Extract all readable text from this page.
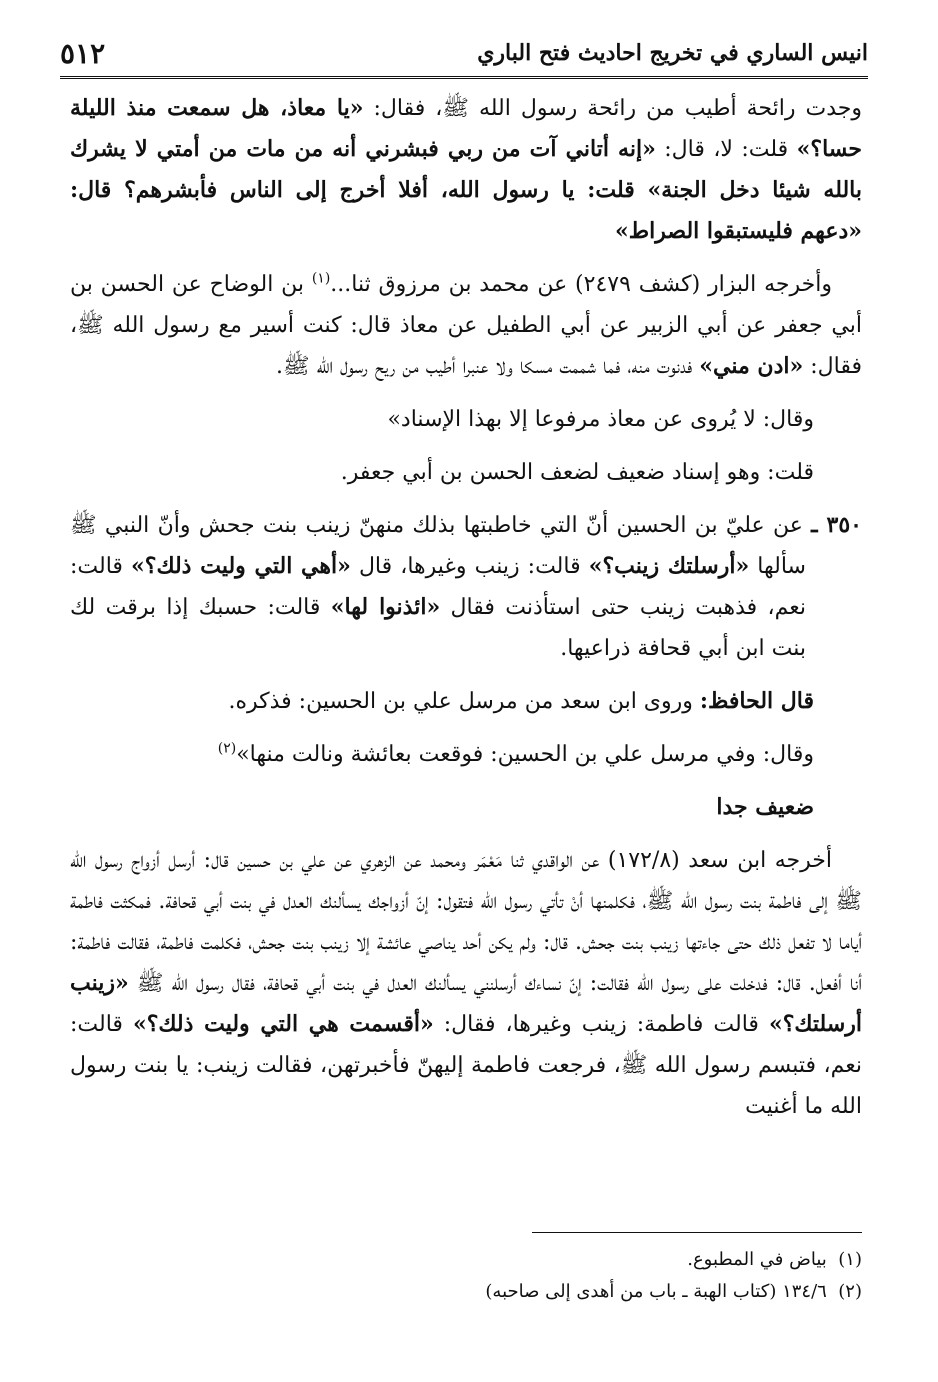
انيس الساري في تخريج احاديث فتح الباري
٥١٢

وجدت رائحة أطيب من رائحة رسول الله ﷺ، فقال: «يا معاذ، هل سمعت منذ الليلة حسا؟» قلت: لا، قال: «إنه أتاني آت من ربي فبشرني أنه من مات من أمتي لا يشرك بالله شيئا دخل الجنة» قلت: يا رسول الله، أفلا أخرج إلى الناس فأبشرهم؟ قال: «دعهم فليستبقوا الصراط»

وأخرجه البزار (كشف ٢٤٧٩) عن محمد بن مرزوق ثنا...$^{(١)}$ بن الوضاح عن الحسن بن أبي جعفر عن أبي الزبير عن أبي الطفيل عن معاذ قال: كنت أسير مع رسول الله ﷺ، فقال: «ادن مني» فدنوت منه، فما شممت مسكا ولا عنبرا أطيب من ريح رسول الله ﷺ.

وقال: لا يُروى عن معاذ مرفوعا إلا بهذا الإسناد»

قلت: وهو إسناد ضعيف لضعف الحسن بن أبي جعفر.

٣٥٠ ـ عن عليّ بن الحسين أنّ التي خاطبتها بذلك منهنّ زينب بنت جحش وأنّ النبي ﷺ سألها «أرسلتك زينب؟» قالت: زينب وغيرها، قال «أهي التي وليت ذلك؟» قالت: نعم، فذهبت زينب حتى استأذنت فقال «ائذنوا لها» قالت: حسبك إذا برقت لك بنت ابن أبي قحافة ذراعيها.

قال الحافظ: وروى ابن سعد من مرسل علي بن الحسين: فذكره.

وقال: وفي مرسل علي بن الحسين: فوقعت بعائشة ونالت منها»$^{(٢)}$

ضعيف جدا

أخرجه ابن سعد (١٧٢/٨) عن الواقدي ثنا مَعْمَر ومحمد عن الزهري عن علي بن حسين قال: أرسل أزواج رسول الله ﷺ إلى فاطمة بنت رسول الله ﷺ، فكلمنها أنْ تأتي رسول الله فتقول: إنّ أزواجك يسألنك العدل في بنت أبي قحافة. فمكثت فاطمة أياما لا تفعل ذلك حتى جاءتها زينب بنت جحش. قال: ولم يكن أحد يناصي عائشة إلا زينب بنت جحش، فكلمت فاطمة، فقالت فاطمة: أنا أفعل. قال: فدخلت على رسول الله فقالت: إنّ نساءك أرسلنني يسألنك العدل في بنت أبي قحافة، فقال رسول الله ﷺ «زينب أرسلتك؟» قالت فاطمة: زينب وغيرها، فقال: «أقسمت هي التي وليت ذلك؟» قالت: نعم، فتبسم رسول الله ﷺ، فرجعت فاطمة إليهنّ فأخبرتهن، فقالت زينب: يا بنت رسول الله ما أغنيت

(١)  بياض في المطبوع.

(٢)  ١٣٤/٦ (كتاب الهبة ـ باب من أهدى إلى صاحبه)
